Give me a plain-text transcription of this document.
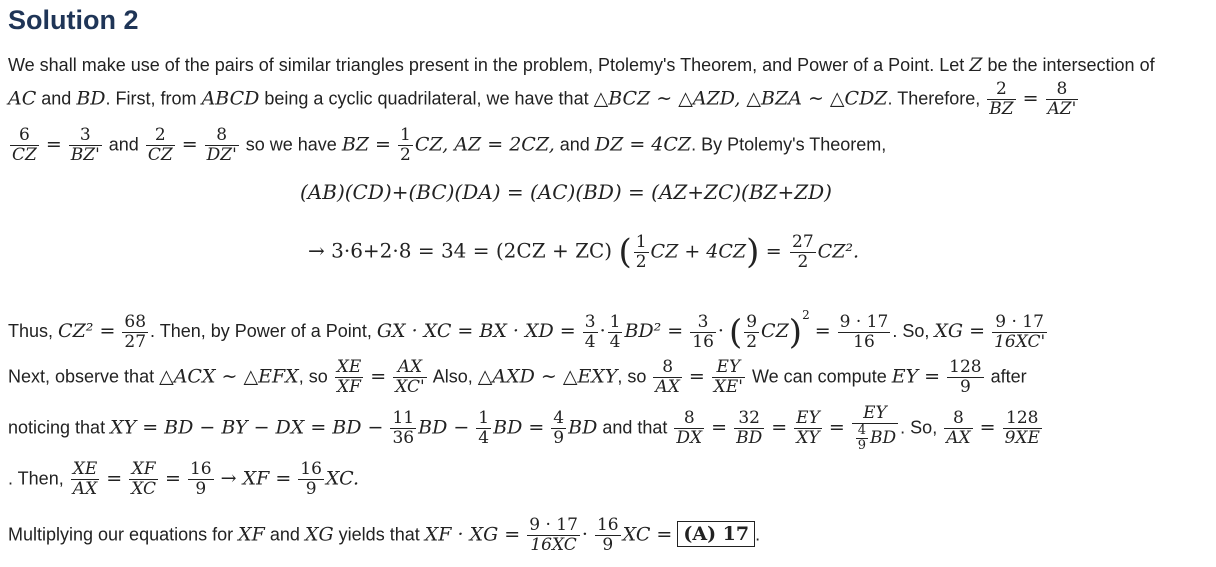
Solution 2
We shall make use of the pairs of similar triangles present in the problem, Ptolemy's Theorem, and Power of a Point. Let Z be the intersection of
AC and BD. First, from ABCD being a cyclic quadrilateral, we have that △BCZ ∼ △AZD, △BZA ∼ △CDZ. Therefore, $\frac{2}{BZ} = \frac{8}{AZ'}$
$\frac{6}{CZ} = \frac{3}{BZ'}$ and $\frac{2}{CZ} = \frac{8}{DZ'}$ so we have BZ = $\frac{1}{2}$ CZ, AZ = 2CZ, and DZ = 4CZ. By Ptolemy's Theorem,
(AB)(CD)+(BC)(DA) = (AC)(BD) = (AZ+ZC)(BZ+ZD)
→ 3·6+2·8 = 34 = (2CZ + ZC) ( $\frac{1}{2}$ CZ + $4CZ) = \frac{27}{2} CZ^2$.
Thus, $CZ^2 = \frac{68}{27}$ . Then, by Power of a Point, GX · XC = BX · XD = $\frac{3}{4} \cdot \frac{1}{4} BD^2 = \frac{3}{16}$ · ( $\frac{9}{2} CZ)^2 = \frac{9 \cdot 17}{16}$ . So, XG = $\frac{9 \cdot 17}{16XC'}$
Next, observe that △ACX ∼ △EFX, so $\frac{XE}{XF} = \frac{AX}{XC'}$ Also, △AXD ∼ △EXY, so $\frac{8}{AX} = \frac{EY}{XE'}$ We can compute EY = $\frac{128}{9}$ after
noticing that XY = BD − BY − DX = BD − $\frac{11}{36}$ BD − $\frac{1}{4}$ BD = $\frac{4}{9}$ BD and that $\frac{8}{DX} = \frac{32}{BD} = \frac{EY}{XY} = \frac{EY}{\frac{4}{9} BD}$ . So, $\frac{8}{AX} = \frac{128}{9XE}$
. Then, $\frac{XE}{AX} = \frac{XF}{XC} = \frac{16}{9}$ → XF = $\frac{16}{9}$ XC.
Multiplying our equations for XF and XG yields that XF · XG = $\frac{9 \cdot 17}{16XC} \cdot \frac{16}{9}$ XC = (A) 17 .
